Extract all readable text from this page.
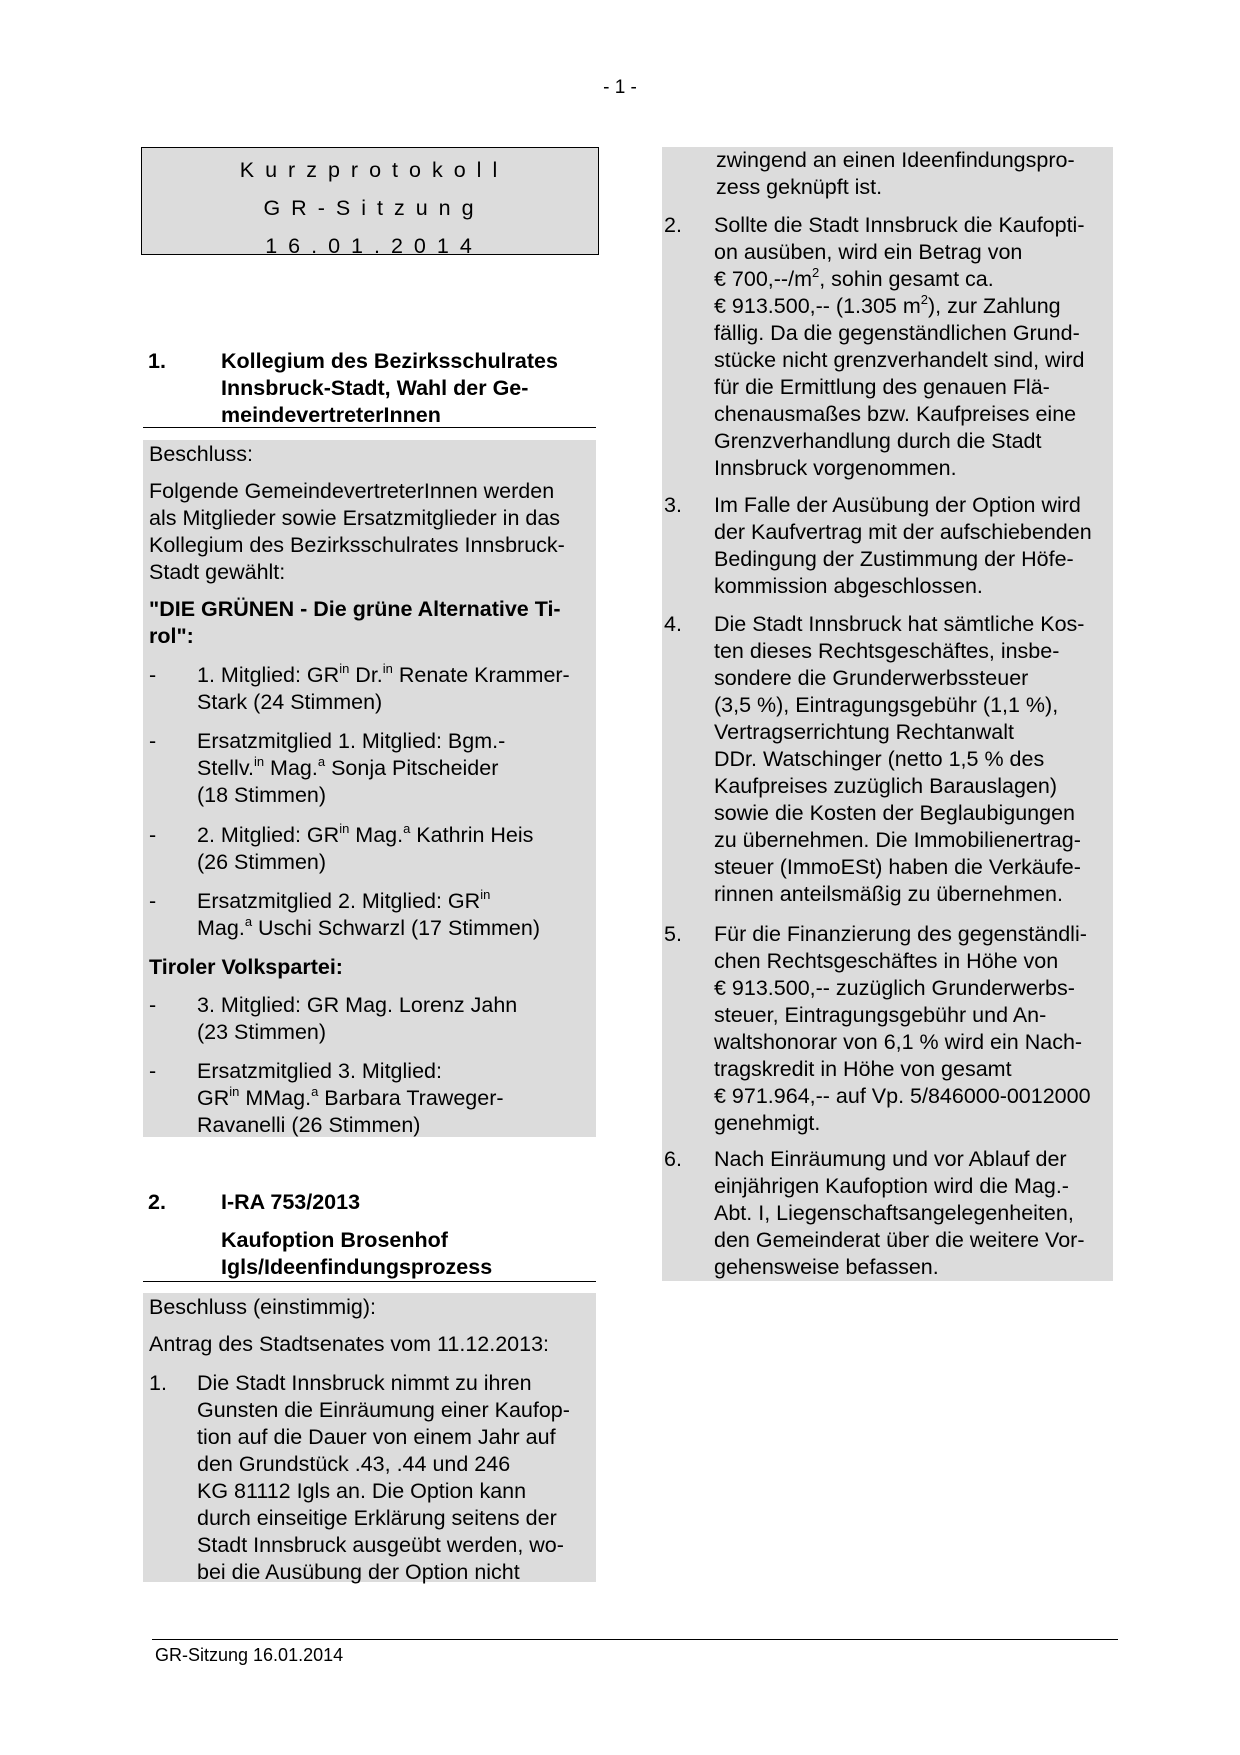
- 1 -
Kurzprotokoll
GR-Sitzung
16.01.2014
1.	Kollegium des Bezirksschulrates
Innsbruck-Stadt, Wahl der Ge-
meindevertreterInnen
Beschluss:
Folgende GemeindevertreterInnen werden
als Mitglieder sowie Ersatzmitglieder in das
Kollegium des Bezirksschulrates Innsbruck-
Stadt gewählt:
"DIE GRÜNEN - Die grüne Alternative Ti-
rol":
- 1. Mitglied: $GR^{in}$ Dr.$^{in}$ Renate Krammer-
Stark (24 Stimmen)
- Ersatzmitglied 1. Mitglied: Bgm.-
Stellv.$^{in}$ Mag.$^a$ Sonja Pitscheider
(18 Stimmen)
- 2. Mitglied: $GR^{in}$ Mag.$^a$ Kathrin Heis
(26 Stimmen)
- Ersatzmitglied 2. Mitglied: $GR^{in}$
Mag.$^a$ Uschi Schwarzl (17 Stimmen)
Tiroler Volkspartei:
- 3. Mitglied: GR Mag. Lorenz Jahn
(23 Stimmen)
- Ersatzmitglied 3. Mitglied:
$GR^{in}$ MMag.$^a$ Barbara Traweger-
Ravanelli (26 Stimmen)
2.	I-RA 753/2013
Kaufoption Brosenhof
Igls/Ideenfindungsprozess
Beschluss (einstimmig):
Antrag des Stadtsenates vom 11.12.2013:
1. Die Stadt Innsbruck nimmt zu ihren
Gunsten die Einräumung einer Kaufop-
tion auf die Dauer von einem Jahr auf
den Grundstück .43, .44 und 246
KG 81112 Igls an. Die Option kann
durch einseitige Erklärung seitens der
Stadt Innsbruck ausgeübt werden, wo-
bei die Ausübung der Option nicht
zwingend an einen Ideenfindungspro-
zess geknüpft ist.
2. Sollte die Stadt Innsbruck die Kaufopti-
on ausüben, wird ein Betrag von
€ $700,--/m^2$, sohin gesamt ca.
€ 913.500,-- (1.305 $m^2$), zur Zahlung
fällig. Da die gegenständlichen Grund-
stücke nicht grenzverhandelt sind, wird
für die Ermittlung des genauen Flä-
chenausmaßes bzw. Kaufpreises eine
Grenzverhandlung durch die Stadt
Innsbruck vorgenommen.
3. Im Falle der Ausübung der Option wird
der Kaufvertrag mit der aufschiebenden
Bedingung der Zustimmung der Höfe-
kommission abgeschlossen.
4. Die Stadt Innsbruck hat sämtliche Kos-
ten dieses Rechtsgeschäftes, insbe-
sondere die Grunderwerbssteuer
(3,5 %), Eintragungsgebühr (1,1 %),
Vertragserrichtung Rechtanwalt
DDr. Watschinger (netto 1,5 % des
Kaufpreises zuzüglich Barauslagen)
sowie die Kosten der Beglaubigungen
zu übernehmen. Die Immobilienertrag-
steuer (ImmoESt) haben die Verkäufe-
rinnen anteilsmäßig zu übernehmen.
5. Für die Finanzierung des gegenständli-
chen Rechtsgeschäftes in Höhe von
€ 913.500,-- zuzüglich Grunderwerbs-
steuer, Eintragungsgebühr und An-
waltshonorar von 6,1 % wird ein Nach-
tragskredit in Höhe von gesamt
€ 971.964,-- auf Vp. 5/846000-0012000
genehmigt.
6. Nach Einräumung und vor Ablauf der
einjährigen Kaufoption wird die Mag.-
Abt. I, Liegenschaftsangelegenheiten,
den Gemeinderat über die weitere Vor-
gehensweise befassen.
GR-Sitzung 16.01.2014
